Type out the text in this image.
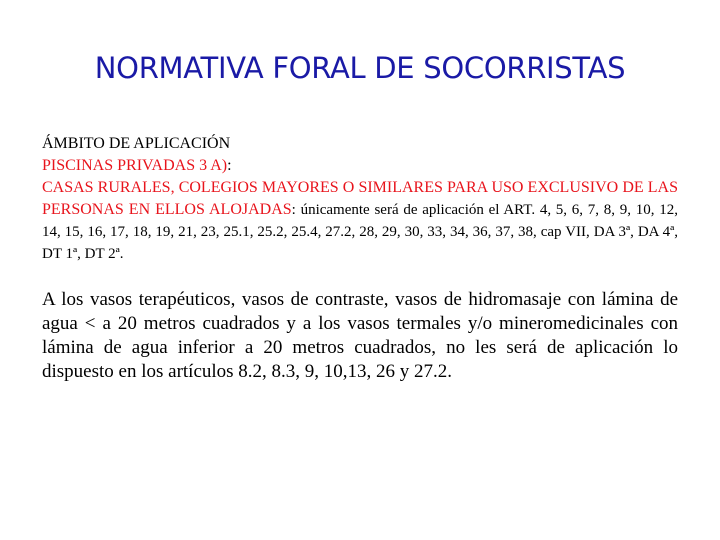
NORMATIVA FORAL DE SOCORRISTAS
ÁMBITO DE APLICACIÓN
PISCINAS PRIVADAS 3 A):
CASAS RURALES, COLEGIOS MAYORES O SIMILARES PARA USO EXCLUSIVO DE LAS PERSONAS EN ELLOS ALOJADAS: únicamente será de aplicación el ART. 4, 5, 6, 7, 8, 9, 10, 12, 14, 15, 16, 17, 18, 19, 21, 23, 25.1, 25.2, 25.4, 27.2, 28, 29, 30, 33, 34, 36, 37, 38, cap VII, DA 3ª, DA 4ª, DT 1ª, DT 2ª.
A los vasos terapéuticos, vasos de contraste, vasos de hidromasaje con lámina de agua < a 20 metros cuadrados y a los vasos termales y/o mineromedicinales con lámina de agua inferior a 20 metros cuadrados, no les será de aplicación lo dispuesto en los artículos 8.2, 8.3, 9, 10,13, 26 y 27.2.
